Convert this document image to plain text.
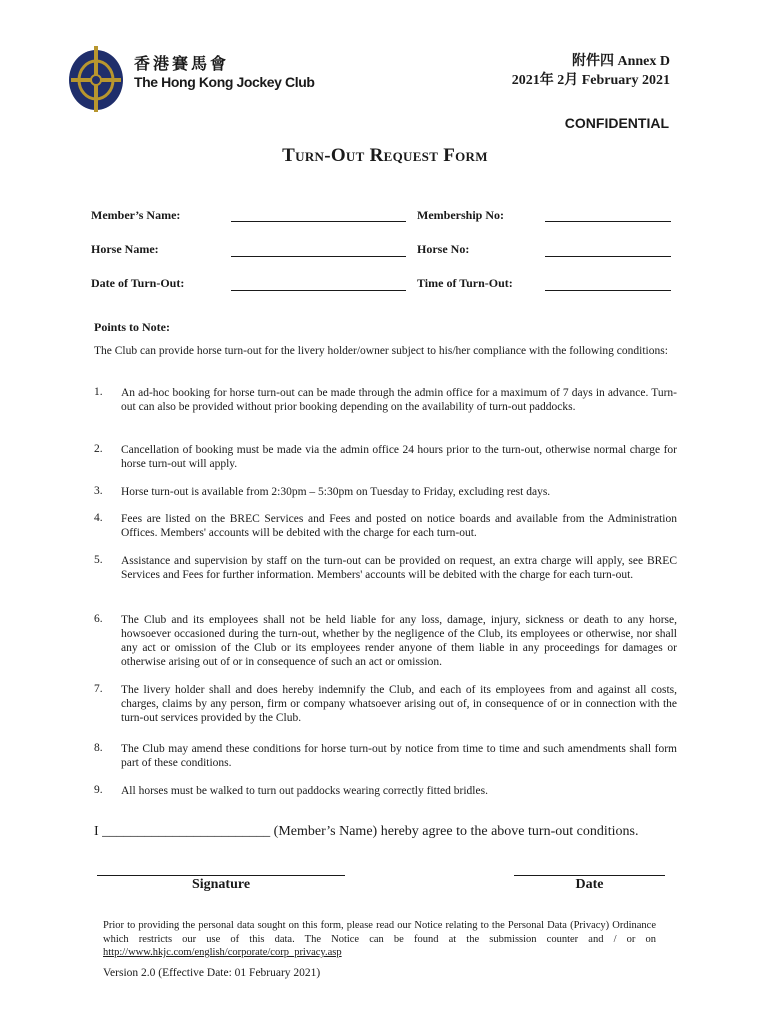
香港賽馬會
The Hong Kong Jockey Club
附件四 Annex D
2021年 2月 February 2021
CONFIDENTIAL
Turn-Out Request Form
Member’s Name:	Membership No:
Horse Name:	Horse No:
Date of Turn-Out:	Time of Turn-Out:
Points to Note:
The Club can provide horse turn-out for the livery holder/owner subject to his/her compliance with the following conditions:
1. An ad-hoc booking for horse turn-out can be made through the admin office for a maximum of 7 days in advance. Turn-out can also be provided without prior booking depending on the availability of turn-out paddocks.
2. Cancellation of booking must be made via the admin office 24 hours prior to the turn-out, otherwise normal charge for horse turn-out will apply.
3. Horse turn-out is available from 2:30pm – 5:30pm on Tuesday to Friday, excluding rest days.
4. Fees are listed on the BREC Services and Fees and posted on notice boards and available from the Administration Offices. Members' accounts will be debited with the charge for each turn-out.
5. Assistance and supervision by staff on the turn-out can be provided on request, an extra charge will apply, see BREC Services and Fees for further information. Members' accounts will be debited with the charge for each turn-out.
6. The Club and its employees shall not be held liable for any loss, damage, injury, sickness or death to any horse, howsoever occasioned during the turn-out, whether by the negligence of the Club, its employees or otherwise, nor shall any act or omission of the Club or its employees render anyone of them liable in any proceedings for damages or otherwise arising out of or in consequence of such an act or omission.
7. The livery holder shall and does hereby indemnify the Club, and each of its employees from and against all costs, charges, claims by any person, firm or company whatsoever arising out of, in consequence of or in connection with the turn-out services provided by the Club.
8. The Club may amend these conditions for horse turn-out by notice from time to time and such amendments shall form part of these conditions.
9. All horses must be walked to turn out paddocks wearing correctly fitted bridles.
I ________________________ (Member’s Name) hereby agree to the above turn-out conditions.
Signature	Date
Prior to providing the personal data sought on this form, please read our Notice relating to the Personal Data (Privacy) Ordinance which restricts our use of this data. The Notice can be found at the submission counter and / or on http://www.hkjc.com/english/corporate/corp_privacy.asp
Version 2.0 (Effective Date: 01 February 2021)
